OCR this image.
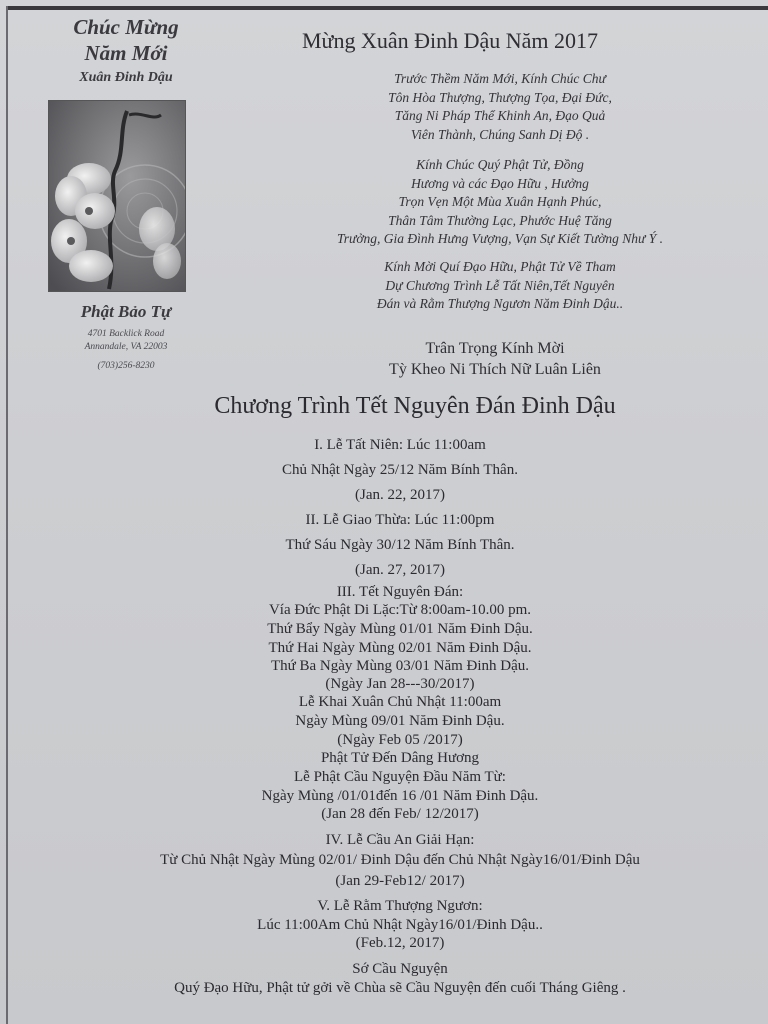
Chúc Mừng
Năm Mới
Xuân Đinh Dậu
Phật Bảo Tự
4701 Backlick Road
Annandale, VA 22003
(703)256-8230
Mừng Xuân Đinh Dậu Năm 2017
Trước Thềm Năm Mới, Kính Chúc Chư
Tôn Hòa Thượng, Thượng Tọa, Đại Đức,
Tăng Ni Pháp Thể Khinh An, Đạo Quả
Viên Thành, Chúng Sanh Dị Độ .
Kính Chúc Quý Phật Tử, Đồng
Hương và các Đạo Hữu , Hưởng
Trọn Vẹn Một Mùa Xuân Hạnh Phúc,
Thân Tâm Thường Lạc, Phước Huệ Tăng
Trưởng, Gia Đình Hưng Vượng, Vạn Sự Kiết Tường Như Ý .
Kính Mời Quí Đạo Hữu, Phật Tử Về Tham
Dự Chương Trình Lễ Tất Niên,Tết Nguyên
Đán và Rằm Thượng Ngươn Năm Đinh Dậu..
Trân Trọng Kính Mời
Tỳ Kheo Ni Thích Nữ Luân Liên
Chương Trình Tết Nguyên Đán Đinh Dậu
I. Lễ Tất Niên: Lúc 11:00am
Chủ Nhật Ngày 25/12 Năm Bính Thân.
(Jan. 22, 2017)
II. Lễ Giao Thừa: Lúc 11:00pm
Thứ Sáu Ngày 30/12 Năm Bính Thân.
(Jan. 27, 2017)
III. Tết Nguyên Đán:
Vía Đức Phật Di Lặc:Từ 8:00am-10.00 pm.
Thứ Bẩy Ngày Mùng 01/01 Năm Đinh Dậu.
Thứ Hai Ngày Mùng 02/01 Năm Đinh Dậu.
Thứ Ba Ngày Mùng 03/01 Năm Đinh Dậu.
(Ngày Jan 28---30/2017)
Lễ Khai Xuân Chủ Nhật 11:00am
Ngày Mùng 09/01 Năm Đinh Dậu.
(Ngày Feb 05 /2017)
Phật Tử Đến Dâng Hương
Lễ Phật Cầu Nguyện Đầu Năm Từ:
Ngày Mùng /01/01đến 16 /01 Năm Đinh Dậu.
(Jan 28 đến Feb/ 12/2017)
IV. Lễ Cầu An Giải Hạn:
Từ Chủ Nhật Ngày Mùng 02/01/ Đinh Dậu đến Chủ Nhật Ngày16/01/Đinh Dậu
(Jan 29-Feb12/ 2017)
V. Lễ Rằm Thượng Ngươn:
Lúc 11:00Am Chủ Nhật Ngày16/01/Đinh Dậu..
(Feb.12, 2017)
Sớ Cầu Nguyện
Quý Đạo Hữu, Phật tử gởi về Chùa sẽ Cầu Nguyện đến cuối Tháng Giêng .
